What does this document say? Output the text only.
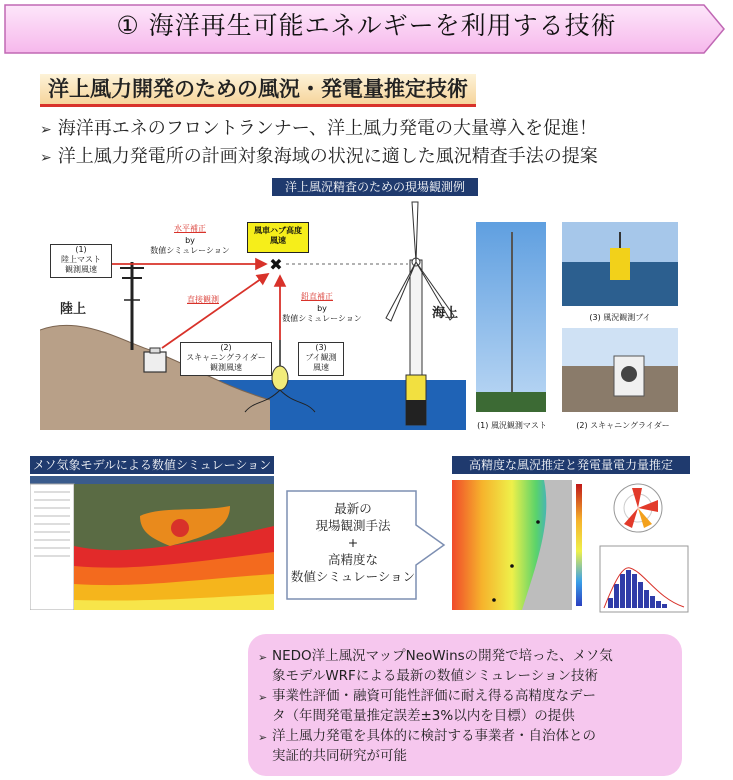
① 海洋再生可能エネルギーを利用する技術
洋上風力開発のための風況・発電量推定技術
➢ 海洋再エネのフロントランナー、洋上風力発電の大量導入を促進！
➢ 洋上風力発電所の計画対象海域の状況に適した風況精査手法の提案
洋上風況精査のための現場観測例
✖
(1)
陸上マスト
観測風速
陸上	海上
風車ハブ高度
風速
水平補正
by
数値シミュレーション
直接観測	鉛直補正
by
数値シミュレーション
(2)
スキャニングライダー
観測風速
(3)
ブイ観測
風速
(1) 風況観測マスト
(3) 風況観測ブイ
(2) スキャニングライダー
メソ気象モデルによる数値シミュレーション
最新の
現場観測手法
+
高精度な
数値シミュレーション
高精度な風況推定と発電量電力量推定
➢ NEDO洋上風況マップNeoWinsの開発で培った、メソ気
象モデルWRFによる最新の数値シミュレーション技術
➢ 事業性評価・融資可能性評価に耐え得る高精度なデー
タ（年間発電量推定誤差±3%以内を目標）の提供
➢ 洋上風力発電を具体的に検討する事業者・自治体との
実証的共同研究が可能
